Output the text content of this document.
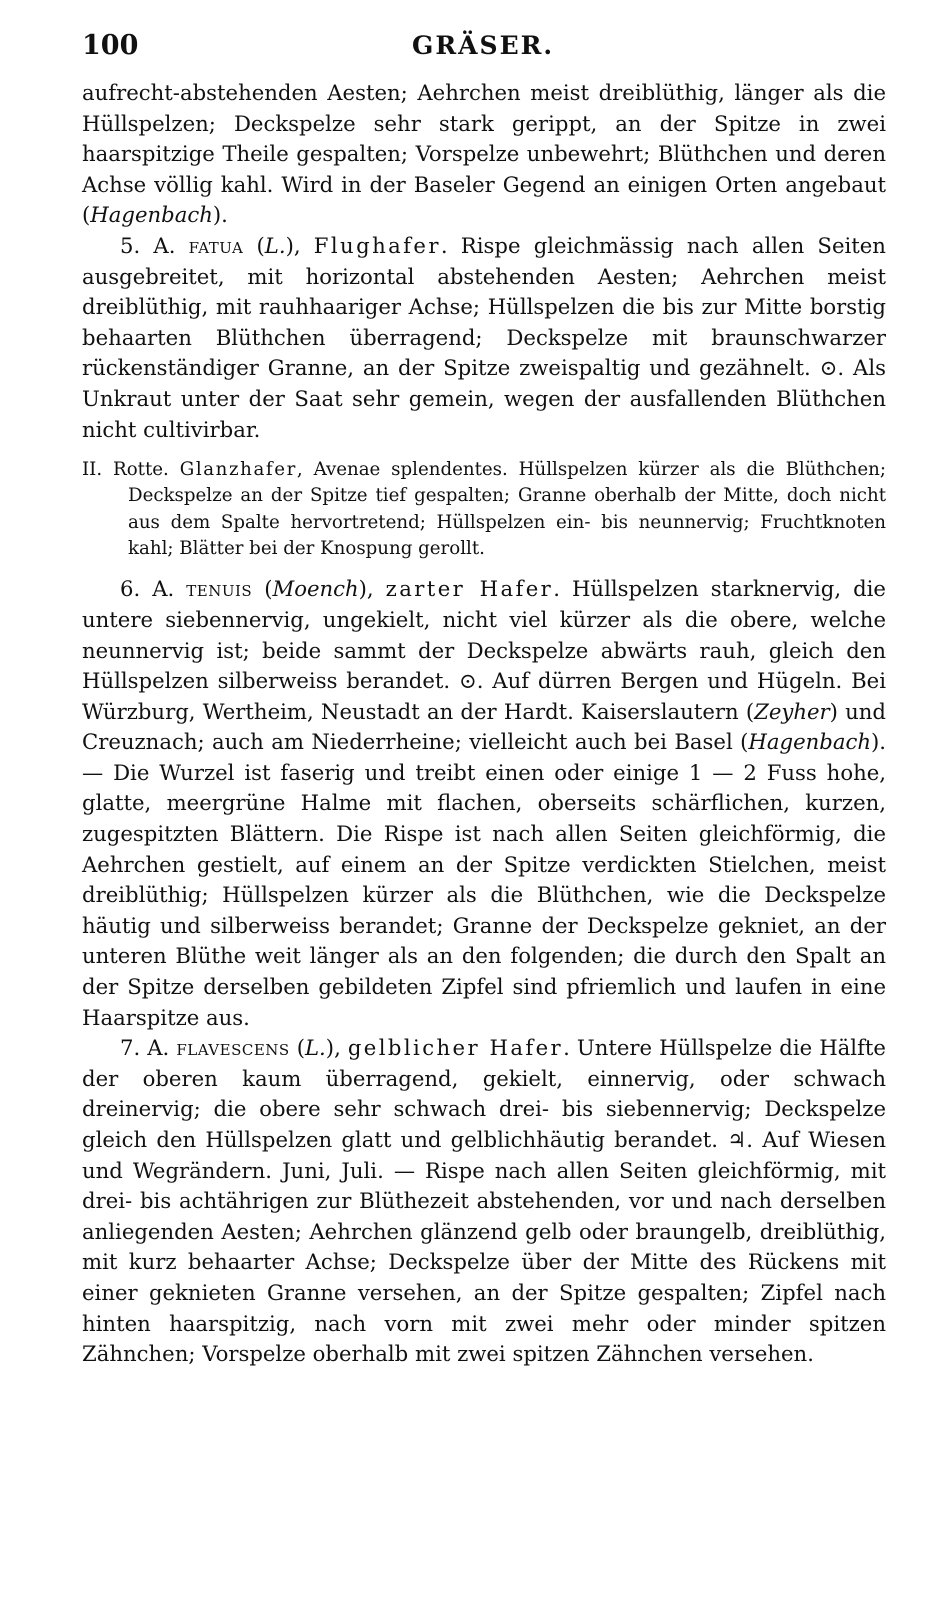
100	GRÄSER.

aufrecht-abstehenden Aesten; Aehrchen meist dreiblüthig, länger als die Hüllspelzen; Deckspelze sehr stark gerippt, an der Spitze in zwei haarspitzige Theile gespalten; Vorspelze unbewehrt; Blüthchen und deren Achse völlig kahl. Wird in der Baseler Gegend an einigen Orten angebaut (Hagenbach).

5. A. fatua (L.), Flughafer. Rispe gleichmässig nach allen Seiten ausgebreitet, mit horizontal abstehenden Aesten; Aehrchen meist dreiblüthig, mit rauhhaariger Achse; Hüllspelzen die bis zur Mitte borstig behaarten Blüthchen überragend; Deckspelze mit braunschwarzer rückenständiger Granne, an der Spitze zweispaltig und gezähnelt. ⊙. Als Unkraut unter der Saat sehr gemein, wegen der ausfallenden Blüthchen nicht cultivirbar.

II. Rotte. Glanzhafer, Avenae splendentes. Hüllspelzen kürzer als die Blüthchen; Deckspelze an der Spitze tief gespalten; Granne oberhalb der Mitte, doch nicht aus dem Spalte hervortretend; Hüllspelzen ein- bis neunnervig; Fruchtknoten kahl; Blätter bei der Knospung gerollt.

6. A. tenuis (Moench), zarter Hafer. Hüllspelzen starknervig, die untere siebennervig, ungekielt, nicht viel kürzer als die obere, welche neunnervig ist; beide sammt der Deckspelze abwärts rauh, gleich den Hüllspelzen silberweiss berandet. ⊙. Auf dürren Bergen und Hügeln. Bei Würzburg, Wertheim, Neustadt an der Hardt. Kaiserslautern (Zeyher) und Creuznach; auch am Niederrheine; vielleicht auch bei Basel (Hagenbach). — Die Wurzel ist faserig und treibt einen oder einige 1 — 2 Fuss hohe, glatte, meergrüne Halme mit flachen, oberseits schärflichen, kurzen, zugespitzten Blättern. Die Rispe ist nach allen Seiten gleichförmig, die Aehrchen gestielt, auf einem an der Spitze verdickten Stielchen, meist dreiblüthig; Hüllspelzen kürzer als die Blüthchen, wie die Deckspelze häutig und silberweiss berandet; Granne der Deckspelze gekniet, an der unteren Blüthe weit länger als an den folgenden; die durch den Spalt an der Spitze derselben gebildeten Zipfel sind pfriemlich und laufen in eine Haarspitze aus.

7. A. flavescens (L.), gelblicher Hafer. Untere Hüllspelze die Hälfte der oberen kaum überragend, gekielt, einnervig, oder schwach dreinervig; die obere sehr schwach drei- bis siebennervig; Deckspelze gleich den Hüllspelzen glatt und gelblichhäutig berandet. ♃. Auf Wiesen und Wegrändern. Juni, Juli. — Rispe nach allen Seiten gleichförmig, mit drei- bis achtährigen zur Blüthezeit abstehenden, vor und nach derselben anliegenden Aesten; Aehrchen glänzend gelb oder braungelb, dreiblüthig, mit kurz behaarter Achse; Deckspelze über der Mitte des Rückens mit einer geknieten Granne versehen, an der Spitze gespalten; Zipfel nach hinten haarspitzig, nach vorn mit zwei mehr oder minder spitzen Zähnchen; Vorspelze oberhalb mit zwei spitzen Zähnchen versehen.
